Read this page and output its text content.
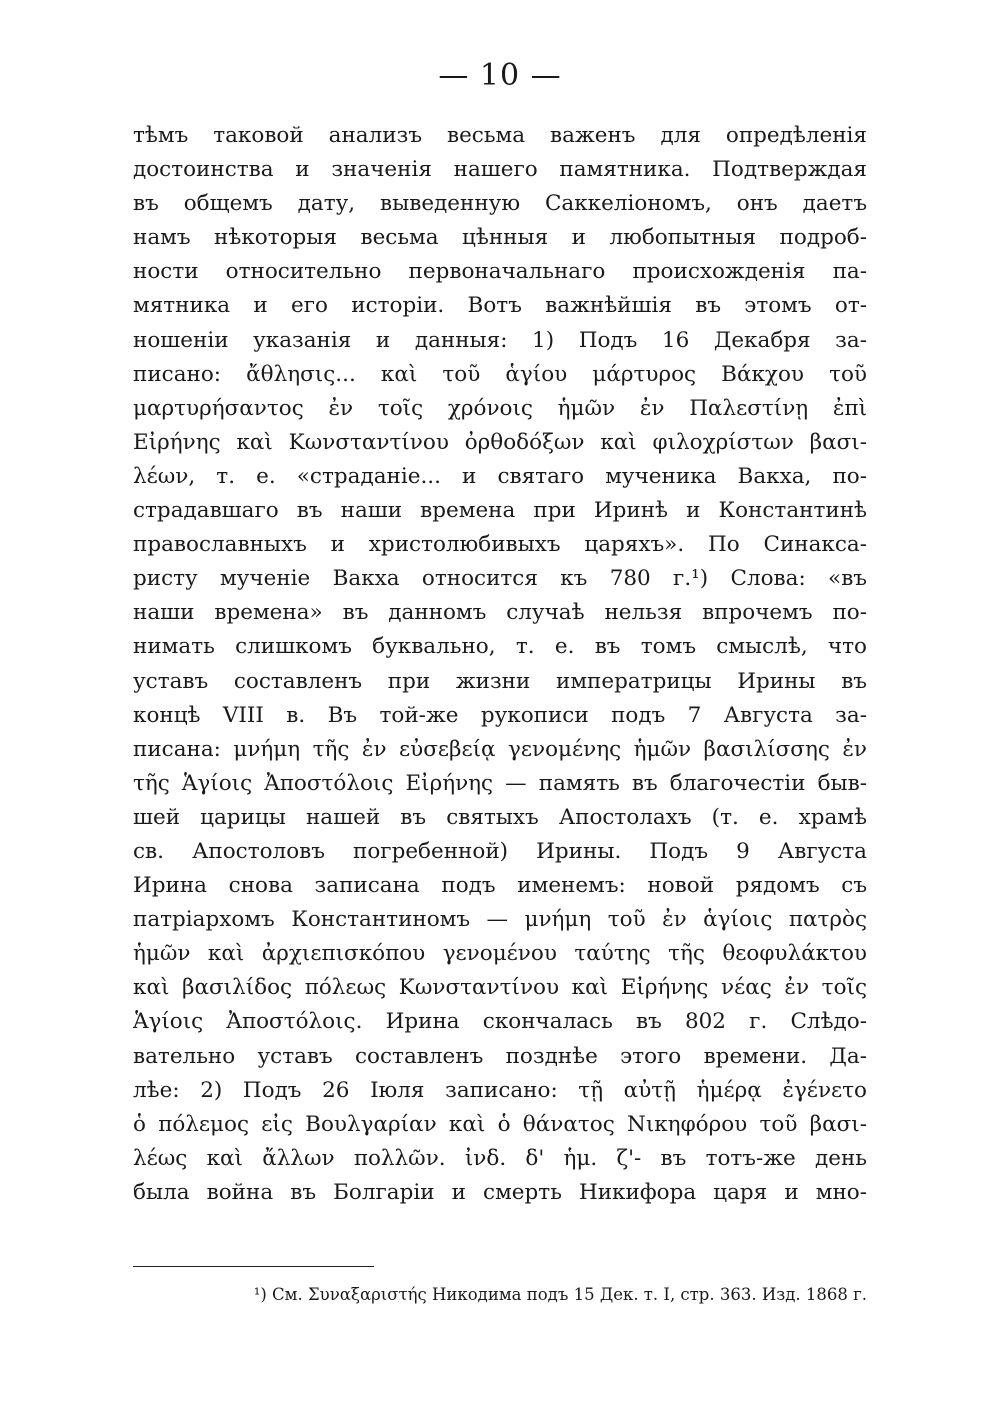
— 10 —
тѣмъ таковой анализъ весьма важенъ для опредѣленія
достоинства и значенія нашего памятника. Подтверждая
въ общемъ дату, выведенную Саккеліономъ, онъ даетъ
намъ нѣкоторыя весьма цѣнныя и любопытныя подроб-
ности относительно первоначальнаго происхожденія па-
мятника и его исторіи. Вотъ важнѣйшія въ этомъ от-
ношеніи указанія и данныя: 1) Подъ 16 Декабря за-
писано: ἄθλησις... καὶ τοῦ ἁγίου μάρτυρος Βάκχου τοῦ
μαρτυρήσαντος ἐν τοῖς χρόνοις ἡμῶν ἐν Παλεστίνῃ ἐπὶ
Εἰρήνης καὶ Κωνσταντίνου ὀρθοδόξων καὶ φιλοχρίστων βασι-
λέων, т. е. «страданіе... и святаго мученика Вакха, по-
страдавшаго въ наши времена при Иринѣ и Константинѣ
православныхъ и христолюбивыхъ царяхъ». По Синакса-
ристу мученіе Вакха относится къ 780 г.¹) Слова: «въ
наши времена» въ данномъ случаѣ нельзя впрочемъ по-
нимать слишкомъ буквально, т. е. въ томъ смыслѣ, что
уставъ составленъ при жизни императрицы Ирины въ
концѣ VIII в. Въ той-же рукописи подъ 7 Августа за-
писана: μνήμη τῆς ἐν εὐσεβείᾳ γενομένης ἡμῶν βασιλίσσης ἐν
τῆς Ἁγίοις Ἀποστόλοις Εἰρήνης — память въ благочестіи быв-
шей царицы нашей въ святыхъ Апостолахъ (т. е. храмѣ
св. Апостоловъ погребенной) Ирины. Подъ 9 Августа
Ирина снова записана подъ именемъ: новой рядомъ съ
патріархомъ Константиномъ — μνήμη τοῦ ἐν ἁγίοις πατρὸς
ἡμῶν καὶ ἀρχιεπισκόπου γενομένου ταύτης τῆς θεοφυλάκτου
καὶ βασιλίδος πόλεως Κωνσταντίνου καὶ Εἰρήνης νέας ἐν τοῖς
Ἁγίοις Ἀποστόλοις. Ирина скончалась въ 802 г. Слѣдо-
вательно уставъ составленъ позднѣе этого времени. Да-
лѣе: 2) Подъ 26 Іюля записано: τῇ αὐτῇ ἡμέρᾳ ἐγένετο
ὁ πόλεμος εἰς Βουλγαρίαν καὶ ὁ θάνατος Νικηφόρου τοῦ βασι-
λέως καὶ ἄλλων πολλῶν. ἰνδ. δ' ἡμ. ζ'- въ тотъ-же день
была война въ Болгаріи и смерть Никифора царя и мно-
¹) См. Συναξαριστής Никодима подъ 15 Дек. т. I, стр. 363. Изд. 1868 г.
